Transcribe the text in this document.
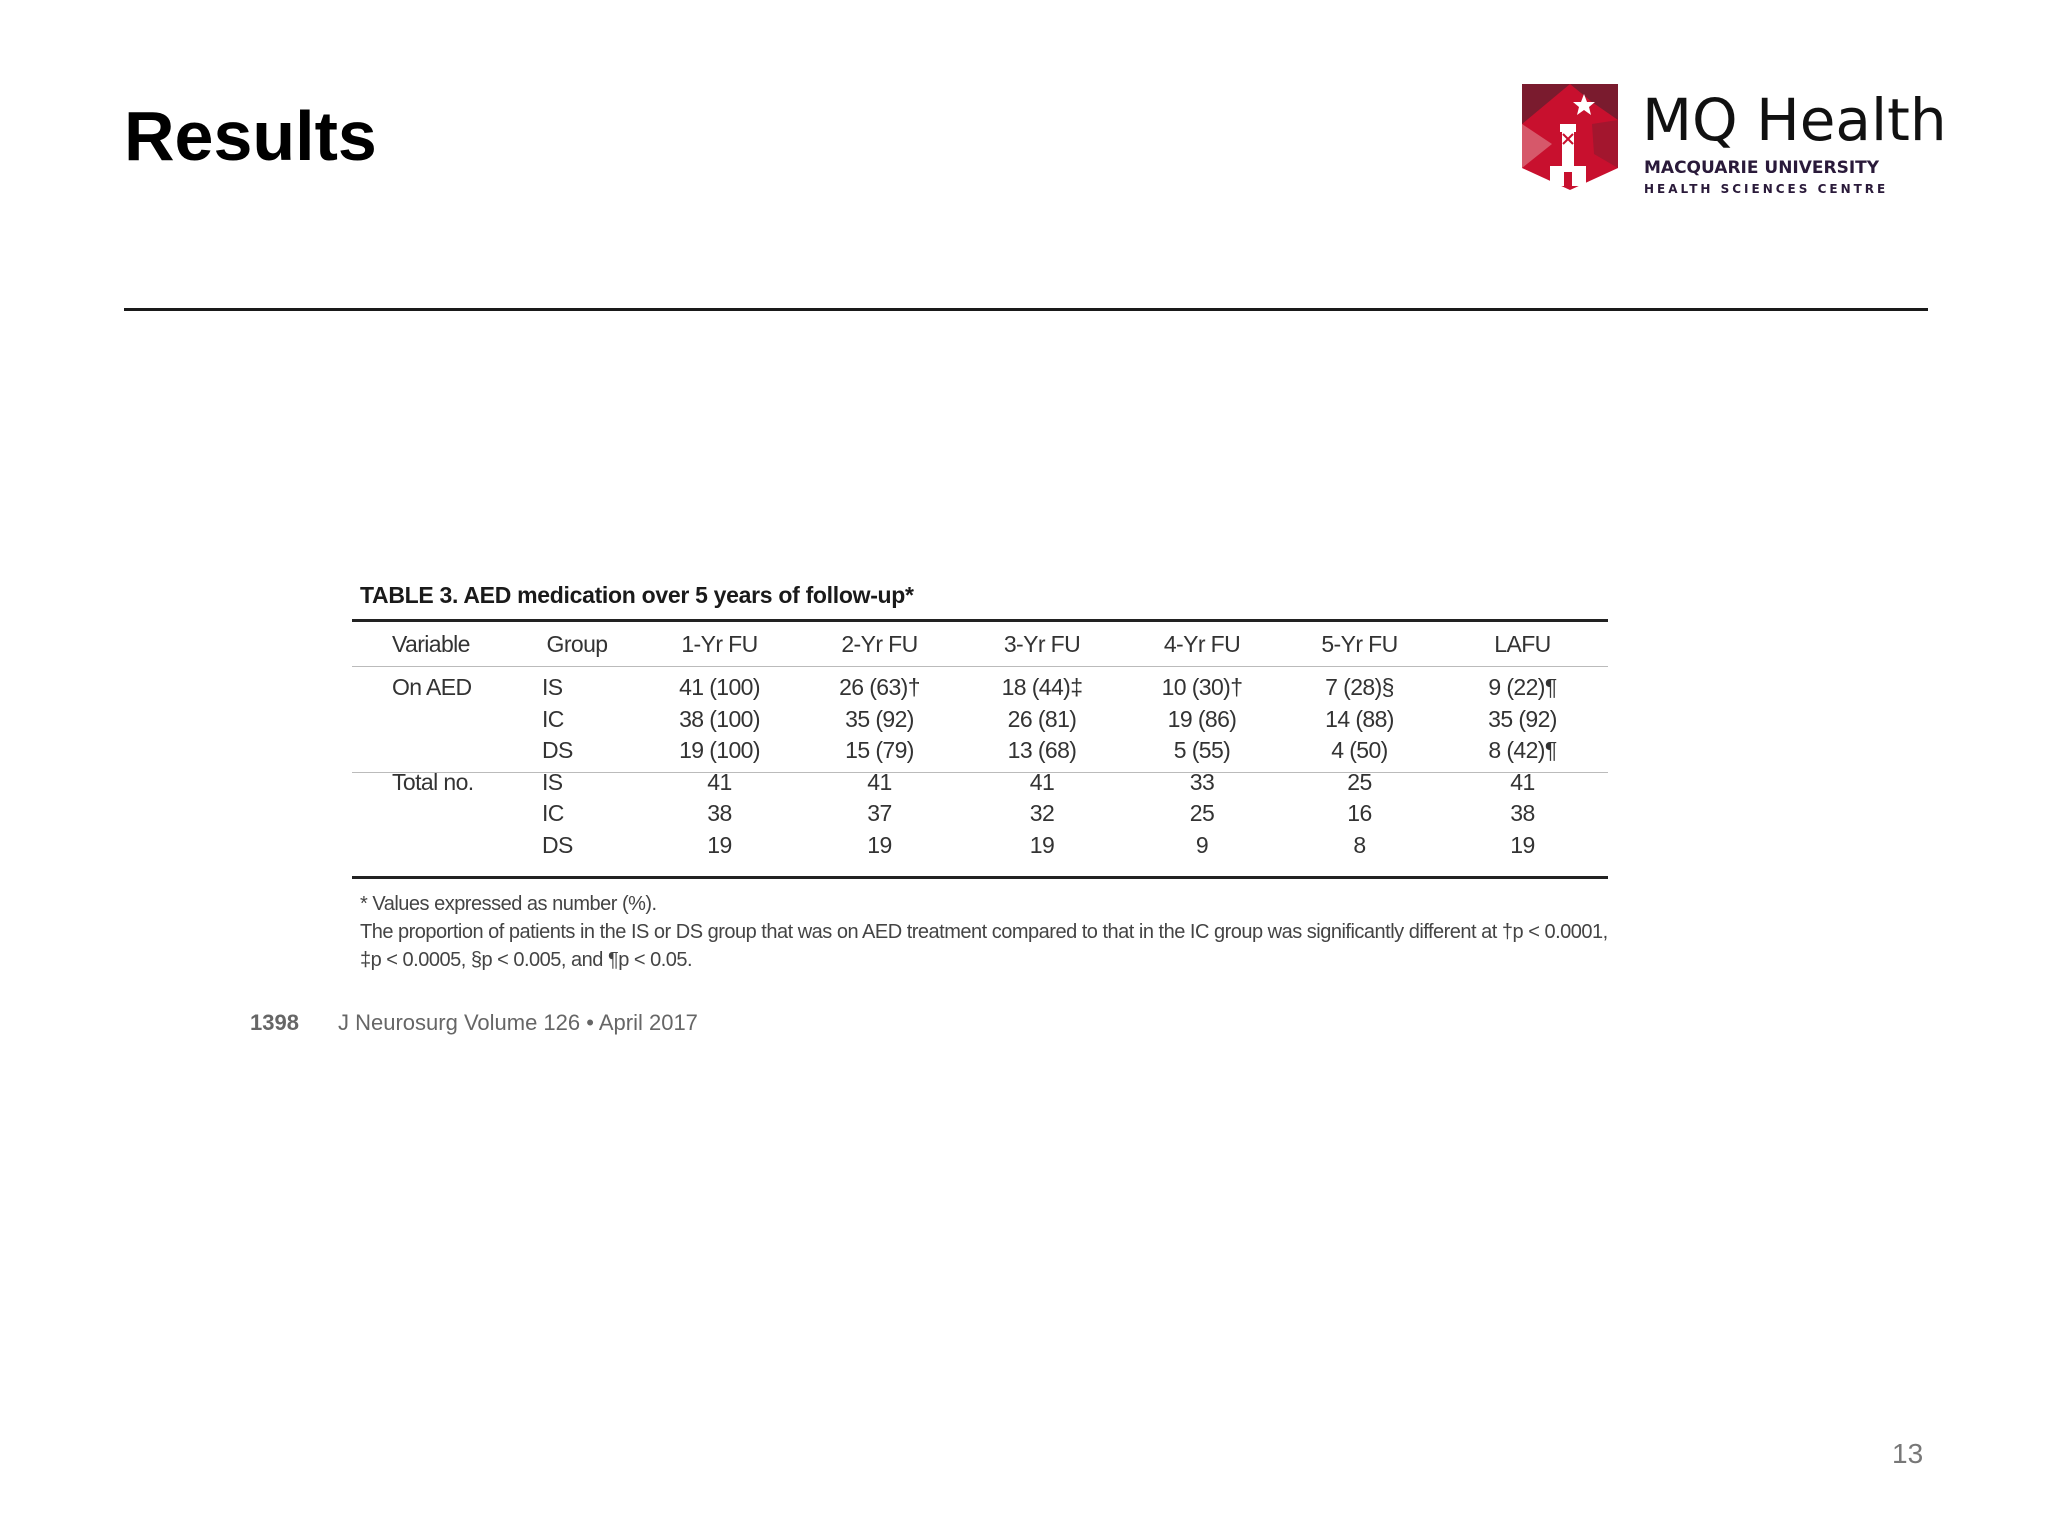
Results	MQ Health
MACQUARIE UNIVERSITY
HEALTH SCIENCES CENTRE
TABLE 3. AED medication over 5 years of follow-up*
Variable	Group	1-Yr FU	2-Yr FU	3-Yr FU	4-Yr FU	5-Yr FU	LAFU

On AED	IS	41 (100)	26 (63)†	18 (44)‡	10 (30)†	7 (28)§	9 (22)¶
	IC	38 (100)	35 (92)	26 (81)	19 (86)	14 (88)	35 (92)
	DS	19 (100)	15 (79)	13 (68)	5 (55)	4 (50)	8 (42)¶
Total no.	IS	41	41	41	33	25	41
	IC	38	37	32	25	16	38
	DS	19	19	19	9	8	19

* Values expressed as number (%).

The proportion of patients in the IS or DS group that was on AED treatment compared to that in the IC group was significantly different at †p < 0.0001, ‡p < 0.0005, §p < 0.005, and ¶p < 0.05.

1398 J Neurosurg Volume 126 • April 2017
13
